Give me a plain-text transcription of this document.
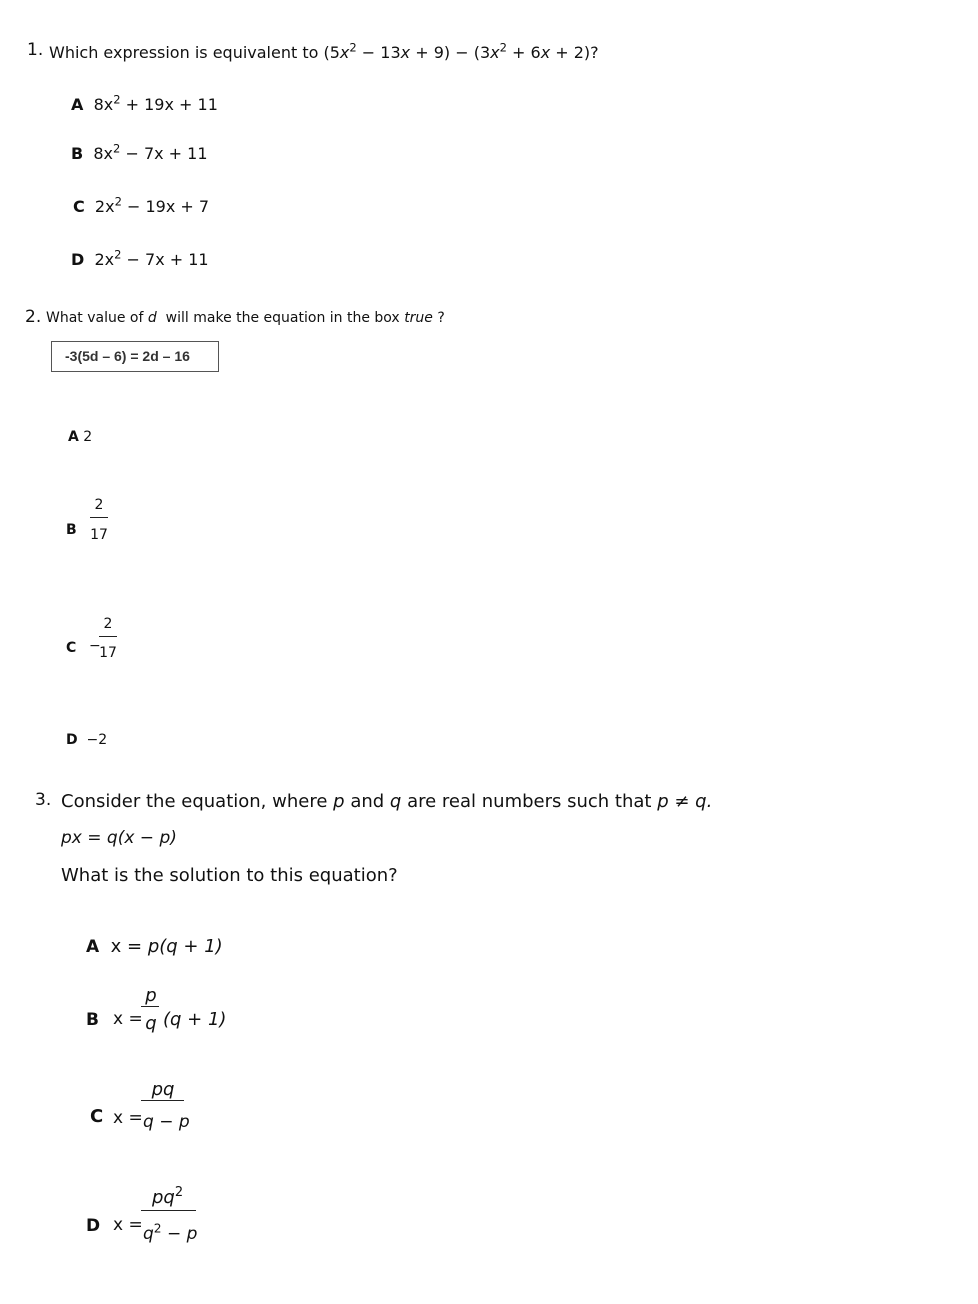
1. Which expression is equivalent to $(5x^2 - 13x + 9) - (3x^2 + 6x + 2)$?
A $8x^2 + 19x + 11$
B $8x^2 - 7x + 11$
C $2x^2 - 19x + 7$
D $2x^2 - 7x + 11$
2. What value of d will make the equation in the box true ?
-3(5d – 6) = 2d – 16
A 2
B
2
17
C −
2
17
D −2
3. Consider the equation, where p and q are real numbers such that p ≠ q.
px = q(x − p)
What is the solution to this equation?
A x = p(q + 1)
B x =
p
q (q + 1)
C x =
pq
q − p
D x =
$pq^2$
$q^2 - p$
